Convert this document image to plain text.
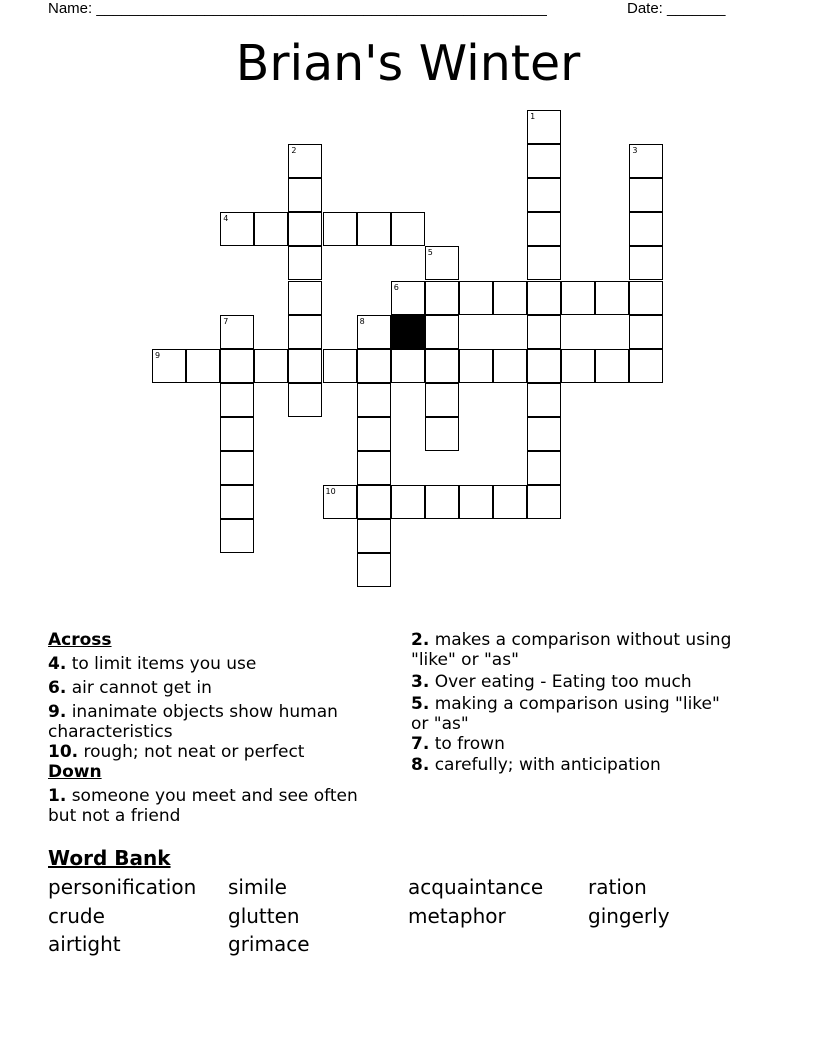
Name: ______________________________________________________	Date: _______
Brian's Winter
1
2	3
4
5
6
7	8
9
10
Across
4. to limit items you use
6. air cannot get in
9. inanimate objects show human characteristics
10. rough; not neat or perfect
Down
1. someone you meet and see often but not a friend
2. makes a comparison without using "like" or "as"
3. Over eating - Eating too much
5. making a comparison using "like" or "as"
7. to frown
8. carefully; with anticipation
Word Bank
personification simile	acquaintance ration
crude	glutten	metaphor	gingerly
airtight	grimace
